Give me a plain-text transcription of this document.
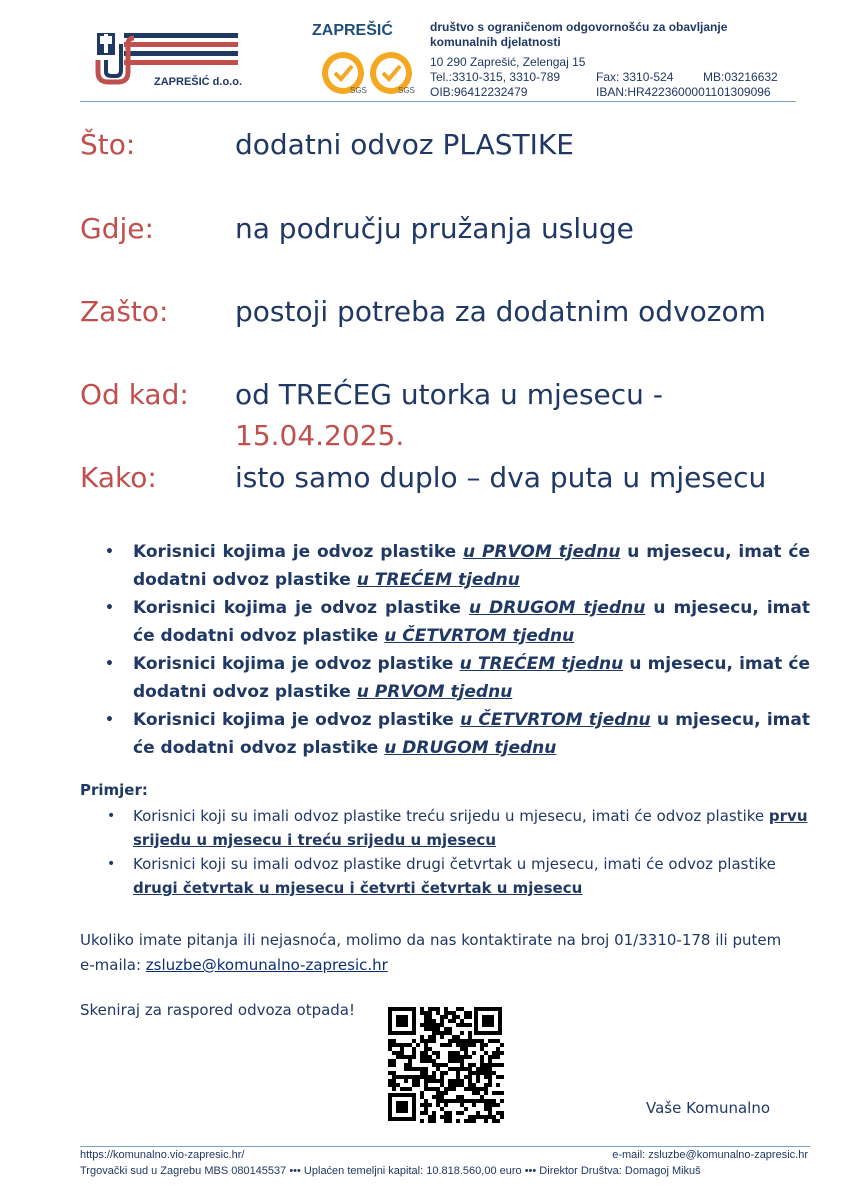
ZAPREŠIĆ d.o.o.
ZAPREŠIĆ
SGS	SGS
društvo s ograničenom odgovornošću za obavljanje komunalnih djelatnosti
10 290 Zaprešić, Zelengaj 15
Tel.:3310-315, 3310-789	Fax: 3310-524 MB:03216632
OIB:96412232479	IBAN:HR4223600001101309096
Što:	dodatni odvoz PLASTIKE
Gdje:	na području pružanja usluge
Zašto: postoji potreba za dodatnim odvozom
Od kad: od TREĆEG utorka u mjesecu -
15.04.2025.
Kako:	isto samo duplo – dva puta u mjesecu
• Korisnici kojima je odvoz plastike u PRVOM tjednu u mjesecu, imat će dodatni odvoz plastike u TREĆEM tjednu
• Korisnici kojima je odvoz plastike u DRUGOM tjednu u mjesecu, imat će dodatni odvoz plastike u ČETVRTOM tjednu
• Korisnici kojima je odvoz plastike u TREĆEM tjednu u mjesecu, imat će dodatni odvoz plastike u PRVOM tjednu
• Korisnici kojima je odvoz plastike u ČETVRTOM tjednu u mjesecu, imat će dodatni odvoz plastike u DRUGOM tjednu
Primjer:
• Korisnici koji su imali odvoz plastike treću srijedu u mjesecu, imati će odvoz plastike prvu srijedu u mjesecu i treću srijedu u mjesecu
• Korisnici koji su imali odvoz plastike drugi četvrtak u mjesecu, imati će odvoz plastike drugi četvrtak u mjesecu i četvrti četvrtak u mjesecu
Ukoliko imate pitanja ili nejasnoća, molimo da nas kontaktirate na broj 01/3310-178 ili putem e-maila: zsluzbe@komunalno-zapresic.hr
Skeniraj za raspored odvoza otpada!
Vaše Komunalno
https://komunalno.vio-zapresic.hr/	e-mail: zsluzbe@komunalno-zapresic.hr
Trgovački sud u Zagrebu MBS 080145537 ••• Uplaćen temeljni kapital: 10.818.560,00 euro ••• Direktor Društva: Domagoj Mikuš
